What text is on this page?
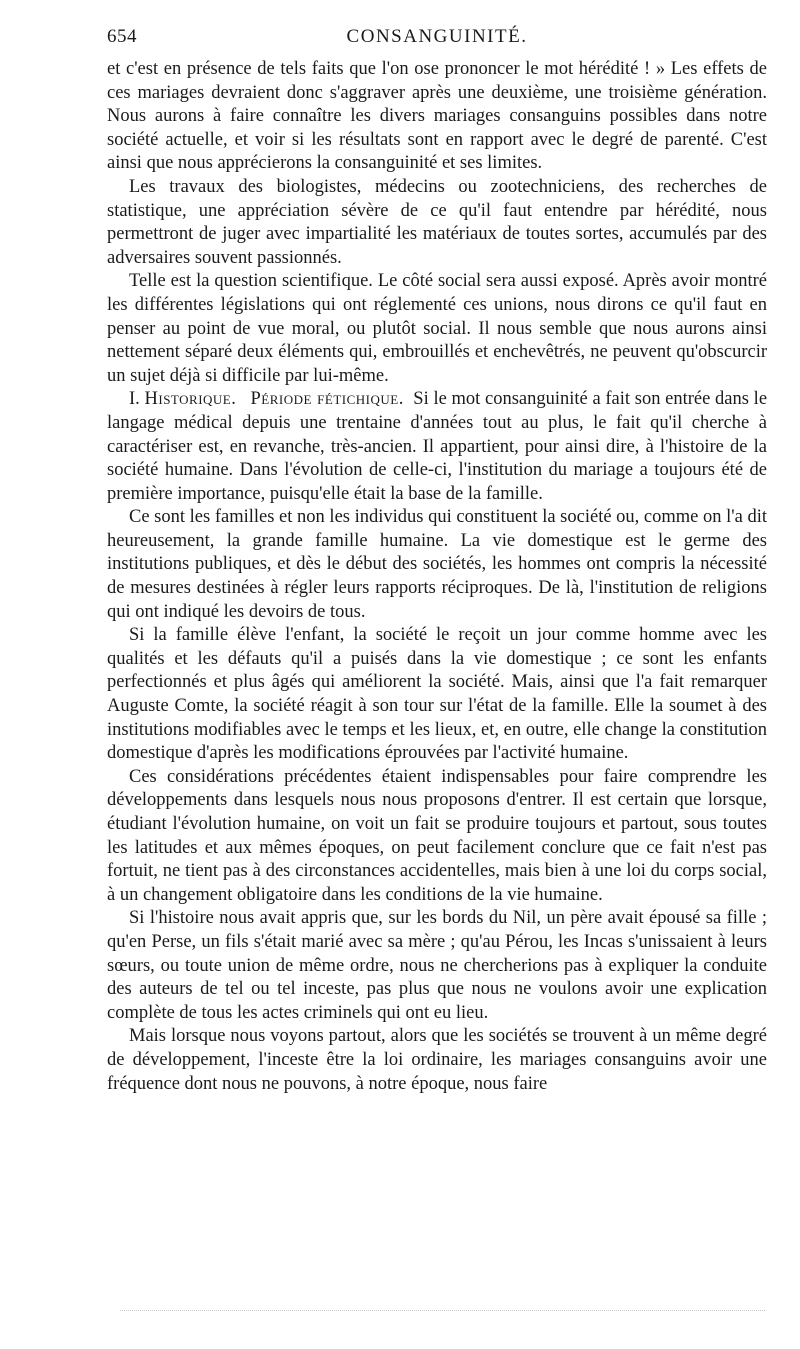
654	CONSANGUINITÉ.

et c'est en présence de tels faits que l'on ose prononcer le mot hérédité ! » Les effets de ces mariages devraient donc s'aggraver après une deuxième, une troisième génération. Nous aurons à faire connaître les divers mariages consanguins possibles dans notre société actuelle, et voir si les résultats sont en rapport avec le degré de parenté. C'est ainsi que nous apprécierons la consanguinité et ses limites.

Les travaux des biologistes, médecins ou zootechniciens, des recherches de statistique, une appréciation sévère de ce qu'il faut entendre par hérédité, nous permettront de juger avec impartialité les matériaux de toutes sortes, accumulés par des adversaires souvent passionnés.

Telle est la question scientifique. Le côté social sera aussi exposé. Après avoir montré les différentes législations qui ont réglementé ces unions, nous dirons ce qu'il faut en penser au point de vue moral, ou plutôt social. Il nous semble que nous aurons ainsi nettement séparé deux éléments qui, embrouillés et enchevêtrés, ne peuvent qu'obscurcir un sujet déjà si difficile par lui-même.

I. Historique. Période fétichique. Si le mot consanguinité a fait son entrée dans le langage médical depuis une trentaine d'années tout au plus, le fait qu'il cherche à caractériser est, en revanche, très-ancien. Il appartient, pour ainsi dire, à l'histoire de la société humaine. Dans l'évolution de celle-ci, l'institution du mariage a toujours été de première importance, puisqu'elle était la base de la famille.

Ce sont les familles et non les individus qui constituent la société ou, comme on l'a dit heureusement, la grande famille humaine. La vie domestique est le germe des institutions publiques, et dès le début des sociétés, les hommes ont compris la nécessité de mesures destinées à régler leurs rapports réciproques. De là, l'institution de religions qui ont indiqué les devoirs de tous.

Si la famille élève l'enfant, la société le reçoit un jour comme homme avec les qualités et les défauts qu'il a puisés dans la vie domestique ; ce sont les enfants perfectionnés et plus âgés qui améliorent la société. Mais, ainsi que l'a fait remarquer Auguste Comte, la société réagit à son tour sur l'état de la famille. Elle la soumet à des institutions modifiables avec le temps et les lieux, et, en outre, elle change la constitution domestique d'après les modifications éprouvées par l'activité humaine.

Ces considérations précédentes étaient indispensables pour faire comprendre les développements dans lesquels nous nous proposons d'entrer. Il est certain que lorsque, étudiant l'évolution humaine, on voit un fait se produire toujours et partout, sous toutes les latitudes et aux mêmes époques, on peut facilement conclure que ce fait n'est pas fortuit, ne tient pas à des circonstances accidentelles, mais bien à une loi du corps social, à un changement obligatoire dans les conditions de la vie humaine.

Si l'histoire nous avait appris que, sur les bords du Nil, un père avait épousé sa fille ; qu'en Perse, un fils s'était marié avec sa mère ; qu'au Pérou, les Incas s'unissaient à leurs sœurs, ou toute union de même ordre, nous ne chercherions pas à expliquer la conduite des auteurs de tel ou tel inceste, pas plus que nous ne voulons avoir une explication complète de tous les actes criminels qui ont eu lieu.

Mais lorsque nous voyons partout, alors que les sociétés se trouvent à un même degré de développement, l'inceste être la loi ordinaire, les mariages consanguins avoir une fréquence dont nous ne pouvons, à notre époque, nous faire
